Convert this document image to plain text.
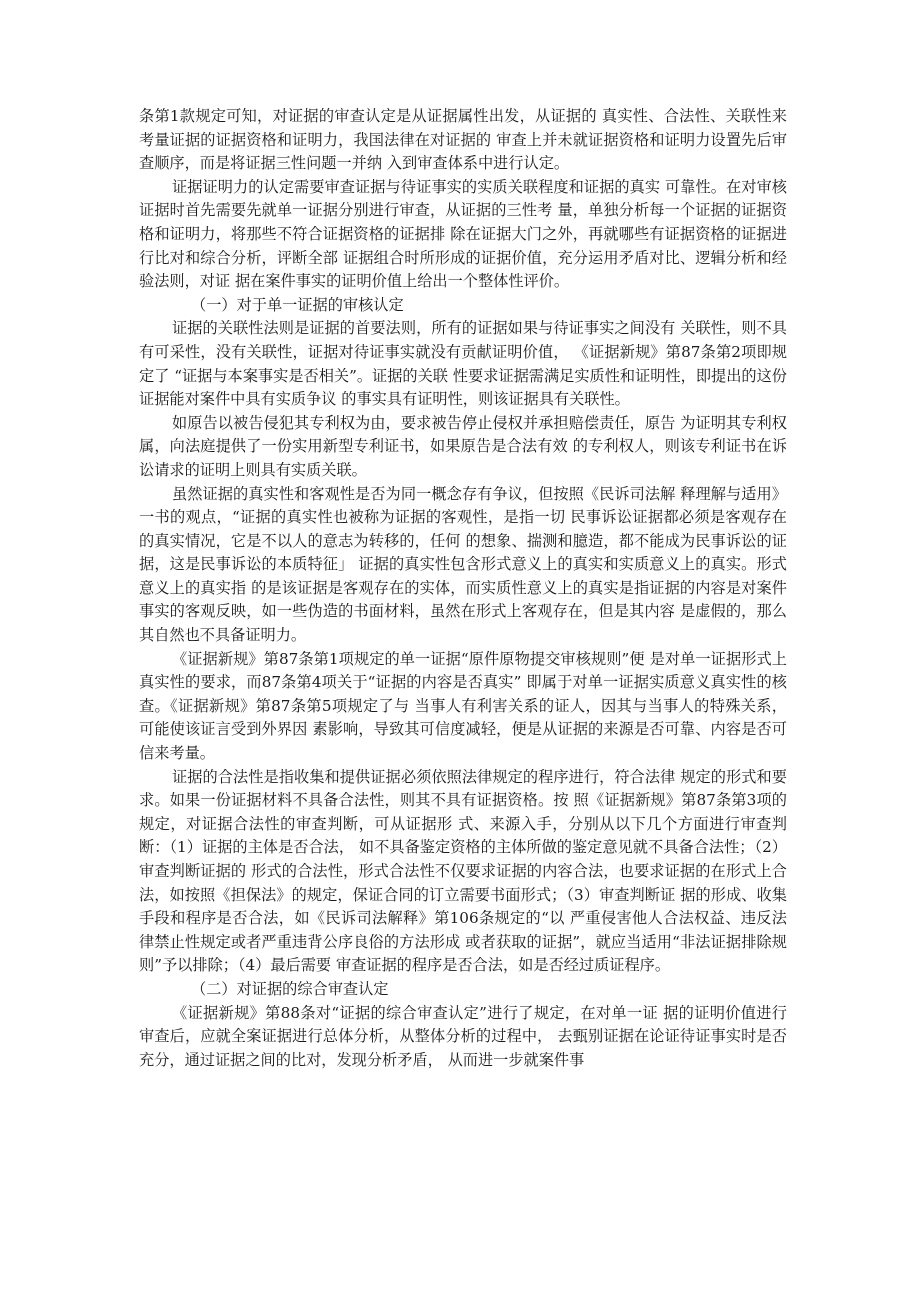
条第1款规定可知，对证据的审查认定是从证据属性出发，从证据的 真实性、合法性、关联性来考量证据的证据资格和证明力，我国法律在对证据的 审查上并未就证据资格和证明力设置先后审查顺序，而是将证据三性问题一并纳 入到审查体系中进行认定。

证据证明力的认定需要审查证据与待证事实的实质关联程度和证据的真实 可靠性。在对审核证据时首先需要先就单一证据分别进行审查，从证据的三性考 量，单独分析每一个证据的证据资格和证明力，将那些不符合证据资格的证据排 除在证据大门之外，再就哪些有证据资格的证据进行比对和综合分析，评断全部 证据组合时所形成的证据价值，充分运用矛盾对比、逻辑分析和经验法则，对证 据在案件事实的证明价值上给出一个整体性评价。

（一）对于单一证据的审核认定

证据的关联性法则是证据的首要法则，所有的证据如果与待证事实之间没有 关联性，则不具有可采性，没有关联性，证据对待证事实就没有贡献证明价值， 《证据新规》第87条第2项即规定了 “证据与本案事实是否相关”。证据的关联 性要求证据需满足实质性和证明性，即提出的这份证据能对案件中具有实质争议 的事实具有证明性，则该证据具有关联性。

如原告以被告侵犯其专利权为由，要求被告停止侵权并承担赔偿责任，原告 为证明其专利权属，向法庭提供了一份实用新型专利证书，如果原告是合法有效 的专利权人，则该专利证书在诉讼请求的证明上则具有实质关联。

虽然证据的真实性和客观性是否为同一概念存有争议，但按照《民诉司法解 释理解与适用》一书的观点，“证据的真实性也被称为证据的客观性，是指一切 民事诉讼证据都必须是客观存在的真实情况，它是不以人的意志为转移的，任何 的想象、揣测和臆造，都不能成为民事诉讼的证据，这是民事诉讼的本质特征」 证据的真实性包含形式意义上的真实和实质意义上的真实。形式意义上的真实指 的是该证据是客观存在的实体，而实质性意义上的真实是指证据的内容是对案件 事实的客观反映，如一些伪造的书面材料，虽然在形式上客观存在，但是其内容 是虚假的，那么其自然也不具备证明力。

《证据新规》第87条第1项规定的单一证据“原件原物提交审核规则”便 是对单一证据形式上真实性的要求，而87条第4项关于“证据的内容是否真实” 即属于对单一证据实质意义真实性的核查。《证据新规》第87条第5项规定了与 当事人有利害关系的证人，因其与当事人的特殊关系，可能使该证言受到外界因 素影响，导致其可信度减轻，便是从证据的来源是否可靠、内容是否可信来考量。

证据的合法性是指收集和提供证据必须依照法律规定的程序进行，符合法律 规定的形式和要求。如果一份证据材料不具备合法性，则其不具有证据资格。按 照《证据新规》第87条第3项的规定，对证据合法性的审查判断，可从证据形 式、来源入手，分别从以下几个方面进行审查判断：（1）证据的主体是否合法， 如不具备鉴定资格的主体所做的鉴定意见就不具备合法性；（2）审查判断证据的 形式的合法性，形式合法性不仅要求证据的内容合法，也要求证据的在形式上合 法，如按照《担保法》的规定，保证合同的订立需要书面形式；（3）审查判断证 据的形成、收集手段和程序是否合法，如《民诉司法解释》第106条规定的“以 严重侵害他人合法权益、违反法律禁止性规定或者严重违背公序良俗的方法形成 或者获取的证据”，就应当适用“非法证据排除规则”予以排除；（4）最后需要 审查证据的程序是否合法，如是否经过质证程序。

（二）对证据的综合审查认定

《证据新规》第88条对“证据的综合审查认定”进行了规定，在对单一证 据的证明价值进行审查后，应就全案证据进行总体分析，从整体分析的过程中， 去甄别证据在论证待证事实时是否充分，通过证据之间的比对，发现分析矛盾， 从而进一步就案件事
